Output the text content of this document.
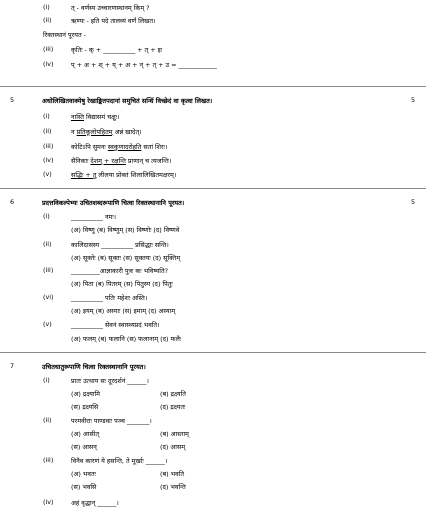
(i)	त् - वर्णस्य उच्चारणस्थानम् किम् ?
(ii)	ऋण्यः - इति पदे तालव्यं वर्णं लिखत।
रिक्तस्थानं पूरयत -
(iii)	कृतिः - क् + __________ + त् + इः
(iv)	प् + अ + श् + य् + अ + न् + त् + उ = ____________
5	अधोलिखितवाक्येषु रेखाङ्कितपदानां समुचितं सन्धिं विच्छेदं वा कृत्वा लिखत।	5
(i)	नास्ति विद्यासमं चक्षुः।
(ii)	न प्रतिकूलोपहितम् अन्नं खादेत्।
(iii)	कोटिऽपि सुमनः स्वकुणादरोहति सतां शिरः।
(iv)	सैनिकाः देशम् + रक्षन्ति प्राणान् च त्यजन्ति।
(v)	सद्भिः + तु लीलया प्रोक्तं शिलालिखितमक्षरम्।
6	प्रदत्तविकल्पेभ्यः उचितशब्दरूपाणि चित्वा रिक्तस्थानानि पूरयत।	5
(i)	__________ नमः।
(अ) विष्णु (ब) विष्णुम् (स) विष्णोः (द) विष्णवे
(ii)	कालिदासस्य __________ प्रसिद्धाः सन्ति।
(अ) सूक्तेः (ब) सूक्तः (स) सूक्तयः (द) सूक्तिम्
(iii)	_________आज्ञाकारी पुत्रः कः भविष्यति?
(अ) पिता (ब) पितरम् (स) पितुस्य (द) पितुः
(vi)	__________ पतिः महेशः अस्ति।
(अ) इयम् (ब) अस्याः (स) इमाम् (द) अस्याम्
(v)	__________ सेवनं स्वास्थ्यप्रदं भवति।
(अ) फलम् (ब) फलानि (स) फलानाम् (द) फलैः
7	उचितधातुरूपाणि चित्वा रिक्तस्थानानि पूरयत।
(i)	प्रातः उत्थाय सः दूरदर्शनं ______।
(अ) द्रक्ष्यामि	(ब) द्रक्ष्यति
(स) द्रक्ष्यसि	(द) द्रक्ष्यतः
(ii)	परमवीराः पाण्डवाः पञ्च _______।
(अ) आसीत्	(ब) आस्ताम्
(स) आसन्	(द) आसम्
(iii)	विनैव कारणं ये हसन्ति, ते मूर्खाः ______।
(अ) भवतः	(ब) भवति
(स) भवसि	(द) भवन्ति
(iv)	अहं वृद्धान् ______।
